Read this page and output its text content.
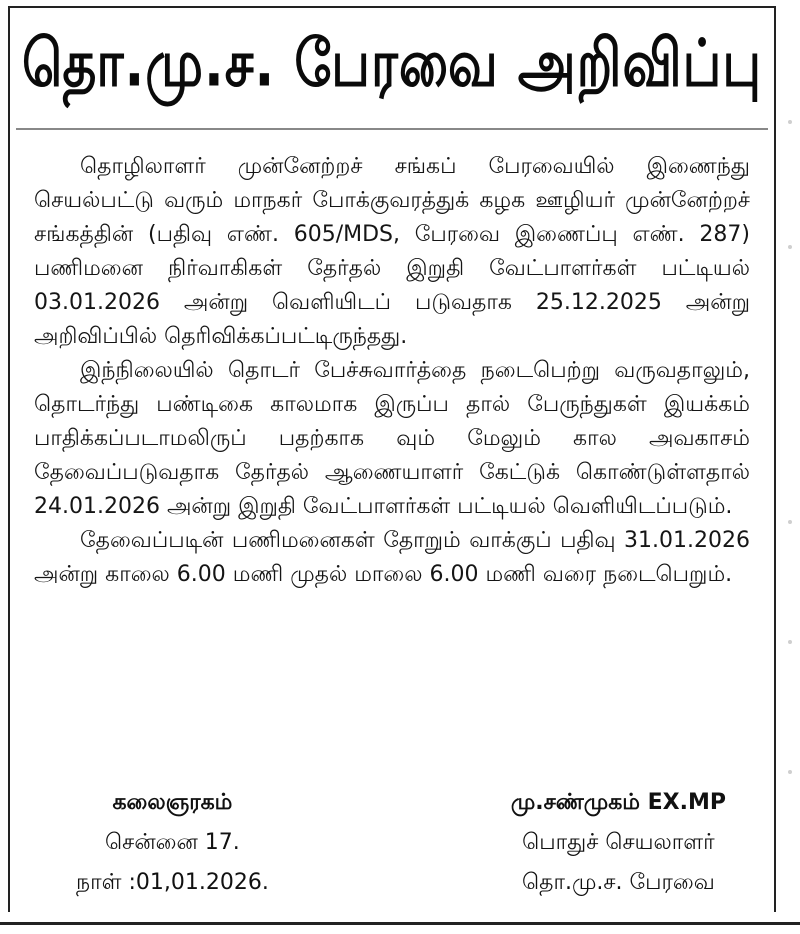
தொ.மு.ச. பேரவை அறிவிப்பு

தொழிலாளர் முன்னேற்றச் சங்கப் பேரவையில் இணைந்து செயல்பட்டு வரும் மாநகர் போக்குவரத்துக் கழக ஊழியர் முன்னேற்றச் சங்கத்தின் (பதிவு எண். 605/MDS, பேரவை இணைப்பு எண். 287) பணிமனை நிர்வாகிகள் தேர்தல் இறுதி வேட்பாளர்கள் பட்டியல் 03.01.2026 அன்று வெளியிடப் படுவதாக 25.12.2025 அன்று அறிவிப்பில் தெரிவிக்கப்பட்டிருந்தது.

இந்நிலையில் தொடர் பேச்சுவார்த்தை நடைபெற்று வருவதாலும், தொடர்ந்து பண்டிகை காலமாக இருப்ப தால் பேருந்துகள் இயக்கம் பாதிக்கப்படாமலிருப் பதற்காக வும் மேலும் கால அவகாசம் தேவைப்படுவதாக தேர்தல் ஆணையாளர் கேட்டுக் கொண்டுள்ளதால் 24.01.2026 அன்று இறுதி வேட்பாளர்கள் பட்டியல் வெளியிடப்படும்.

தேவைப்படின் பணிமனைகள் தோறும் வாக்குப் பதிவு 31.01.2026 அன்று காலை 6.00 மணி முதல் மாலை 6.00 மணி வரை நடைபெறும்.

கலைஞரகம்
சென்னை 17.
நாள் :01,01.2026.
மு.சண்முகம் EX.MP
பொதுச் செயலாளர்
தொ.மு.ச. பேரவை
